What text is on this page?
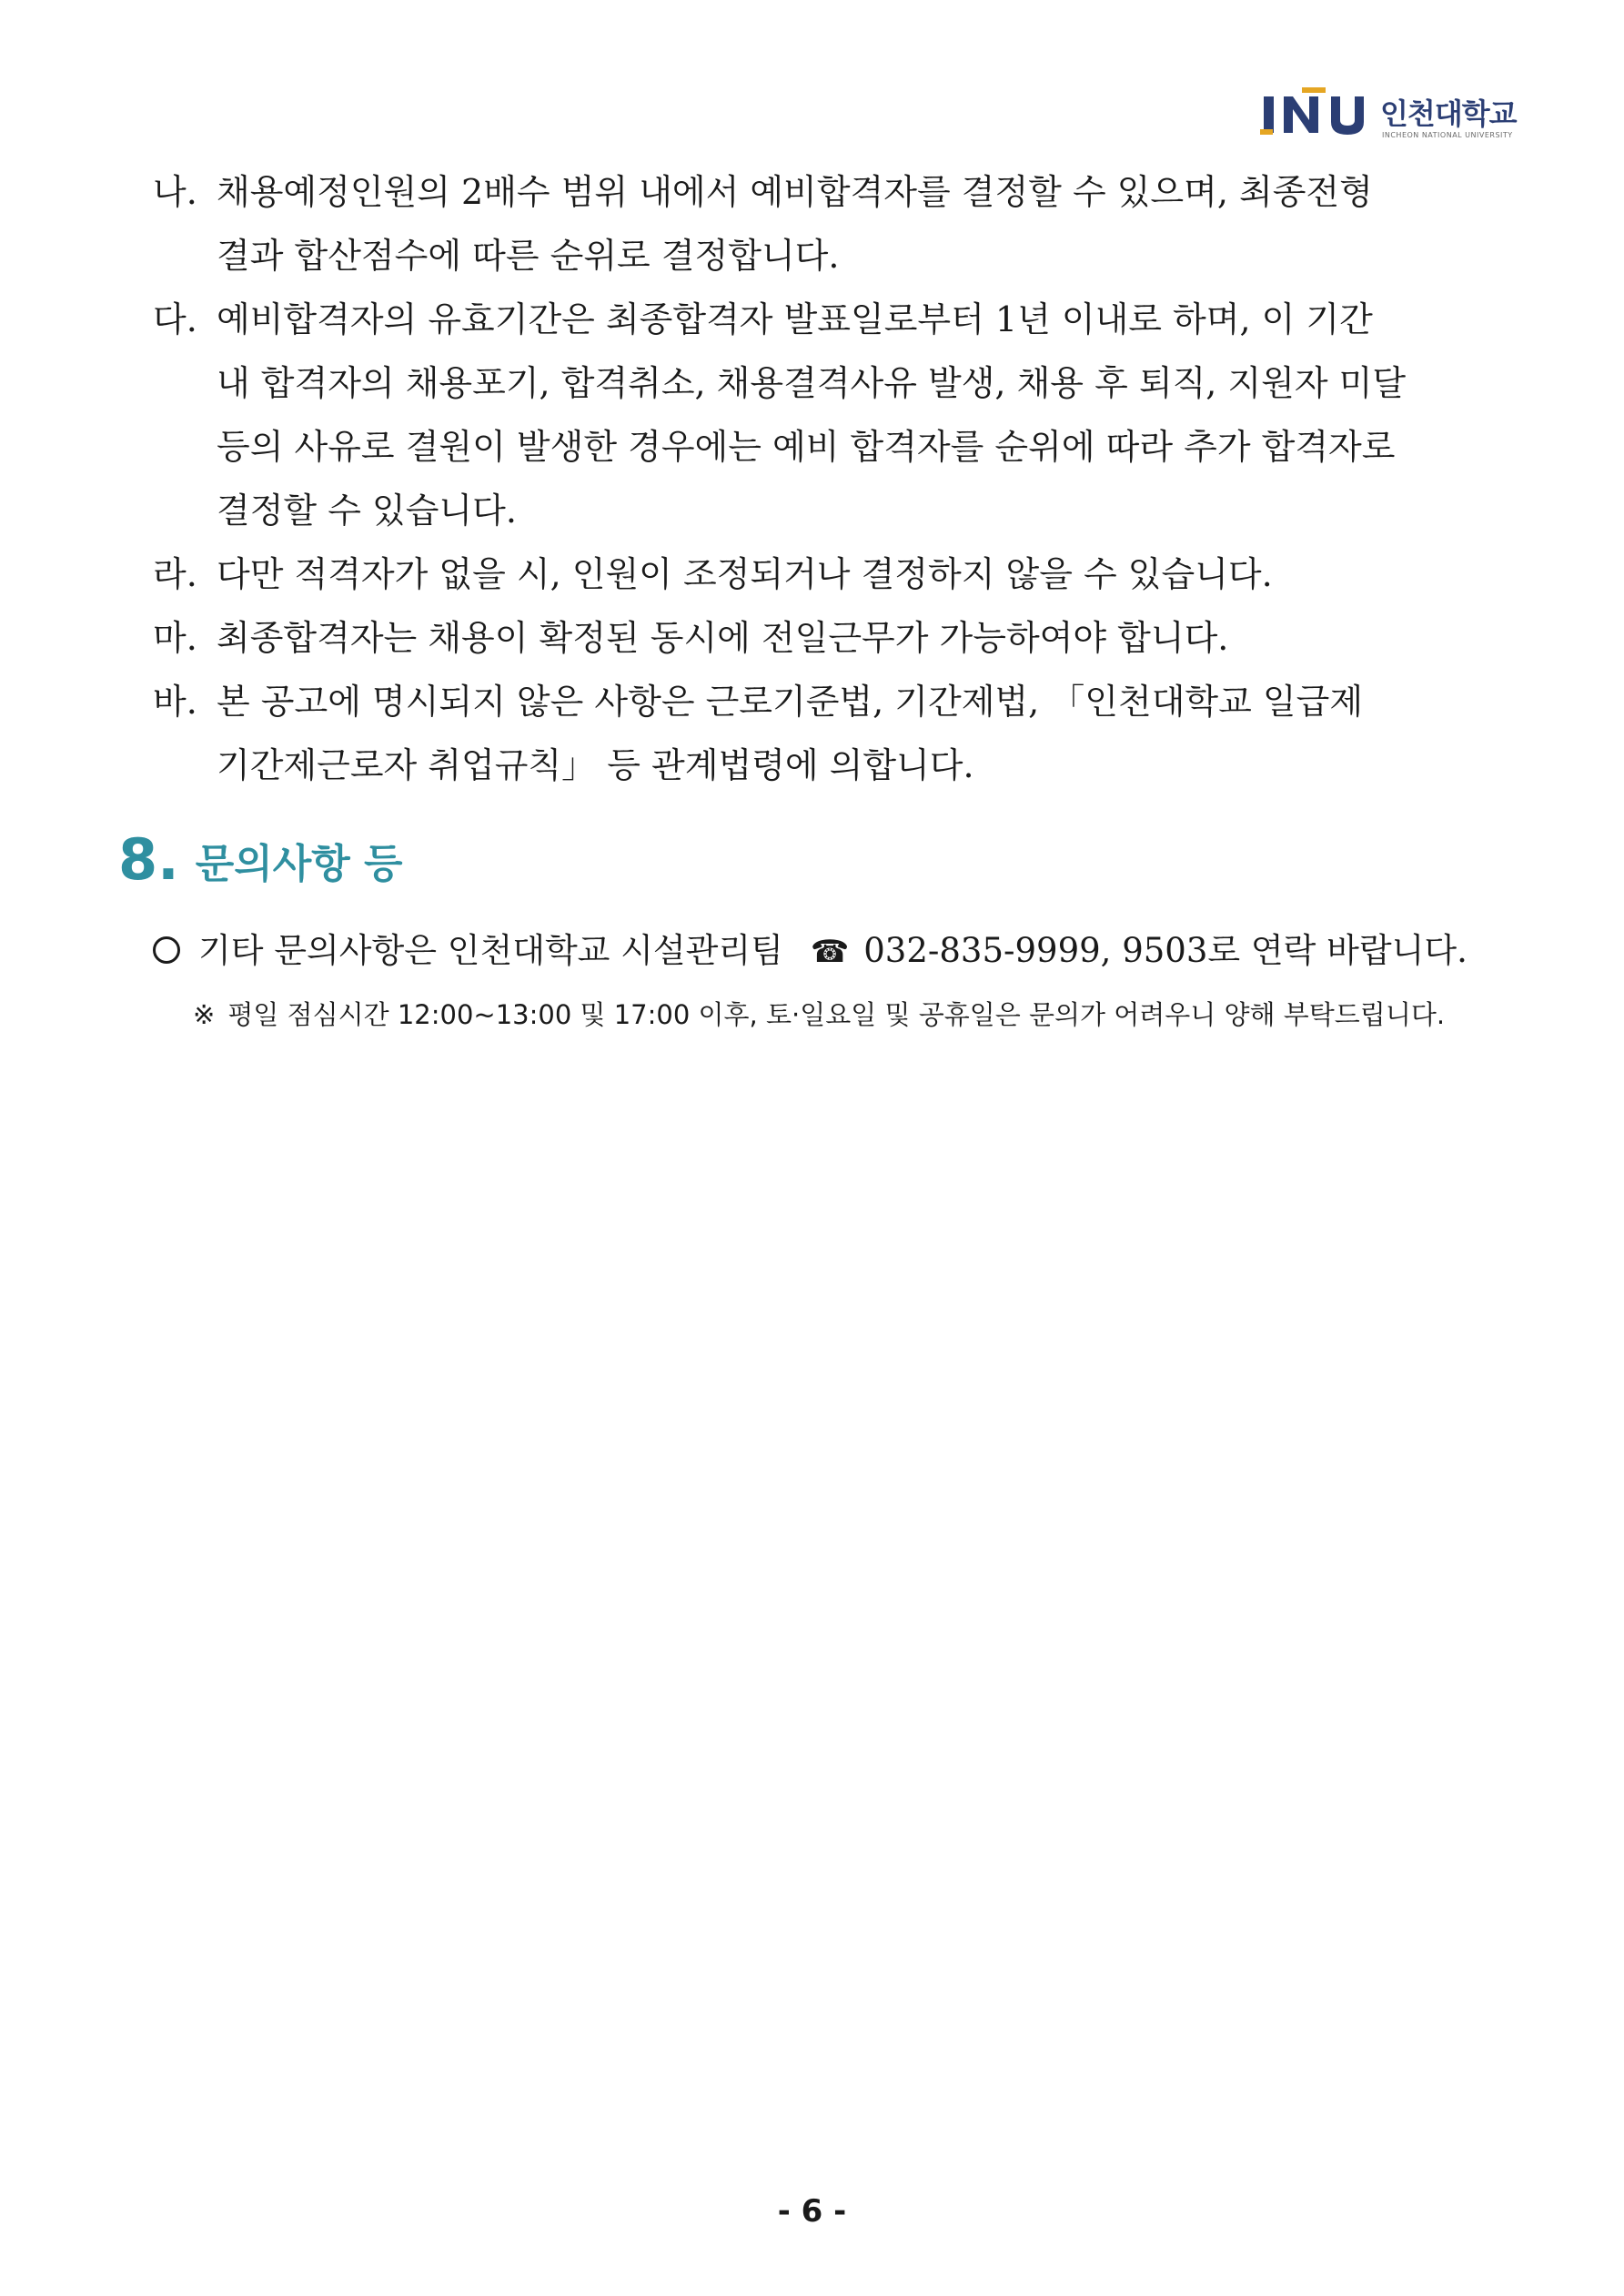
인천대학교
INCHEON NATIONAL UNIVERSITY
나. 채용예정인원의 2배수 범위 내에서 예비합격자를 결정할 수 있으며, 최종전형
결과 합산점수에 따른 순위로 결정합니다.
다. 예비합격자의 유효기간은 최종합격자 발표일로부터 1년 이내로 하며, 이 기간
내 합격자의 채용포기, 합격취소, 채용결격사유 발생, 채용 후 퇴직, 지원자 미달
등의 사유로 결원이 발생한 경우에는 예비 합격자를 순위에 따라 추가 합격자로
결정할 수 있습니다.
라. 다만 적격자가 없을 시, 인원이 조정되거나 결정하지 않을 수 있습니다.
마. 최종합격자는 채용이 확정된 동시에 전일근무가 가능하여야 합니다.
바. 본 공고에 명시되지 않은 사항은 근로기준법, 기간제법, 「인천대학교 일급제
기간제근로자 취업규칙」 등 관계법령에 의합니다.
8. 문의사항 등
기타 문의사항은 인천대학교 시설관리팀 ☎ 032-835-9999, 9503로 연락 바랍니다.
※ 평일 점심시간 12:00~13:00 및 17:00 이후, 토·일요일 및 공휴일은 문의가 어려우니 양해 부탁드립니다.
- 6 -
